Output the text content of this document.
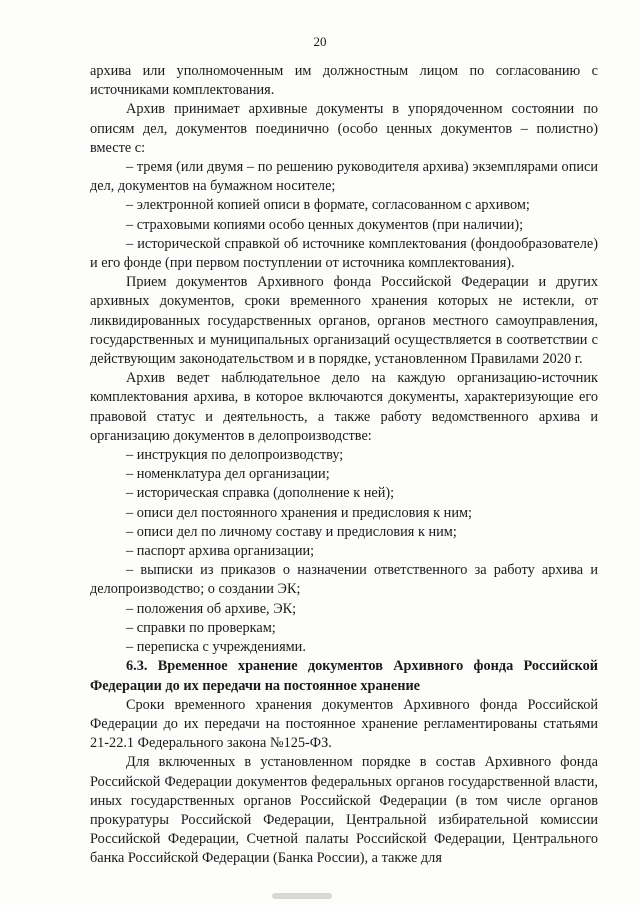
20

архива или уполномоченным им должностным лицом по согласованию с источниками комплектования.

Архив принимает архивные документы в упорядоченном состоянии по описям дел, документов поединично (особо ценных документов – полистно) вместе с:

– тремя (или двумя – по решению руководителя архива) экземплярами описи дел, документов на бумажном носителе;

– электронной копией описи в формате, согласованном с архивом;

– страховыми копиями особо ценных документов (при наличии);

– исторической справкой об источнике комплектования (фондообразователе) и его фонде (при первом поступлении от источника комплектования).

Прием документов Архивного фонда Российской Федерации и других архивных документов, сроки временного хранения которых не истекли, от ликвидированных государственных органов, органов местного самоуправления, государственных и муниципальных организаций осуществляется в соответствии с действующим законодательством и в порядке, установленном Правилами 2020 г.

Архив ведет наблюдательное дело на каждую организацию-источник комплектования архива, в которое включаются документы, характеризующие его правовой статус и деятельность, а также работу ведомственного архива и организацию документов в делопроизводстве:

– инструкция по делопроизводству;

– номенклатура дел организации;

– историческая справка (дополнение к ней);

– описи дел постоянного хранения и предисловия к ним;

– описи дел по личному составу и предисловия к ним;

– паспорт архива организации;

– выписки из приказов о назначении ответственного за работу архива и делопроизводство; о создании ЭК;

– положения об архиве, ЭК;

– справки по проверкам;

– переписка с учреждениями.

6.3. Временное хранение документов Архивного фонда Российской Федерации до их передачи на постоянное хранение

Сроки временного хранения документов Архивного фонда Российской Федерации до их передачи на постоянное хранение регламентированы статьями 21-22.1 Федерального закона №125-ФЗ.

Для включенных в установленном порядке в состав Архивного фонда Российской Федерации документов федеральных органов государственной власти, иных государственных органов Российской Федерации (в том числе органов прокуратуры Российской Федерации, Центральной избирательной комиссии Российской Федерации, Счетной палаты Российской Федерации, Центрального банка Российской Федерации (Банка России), а также для
